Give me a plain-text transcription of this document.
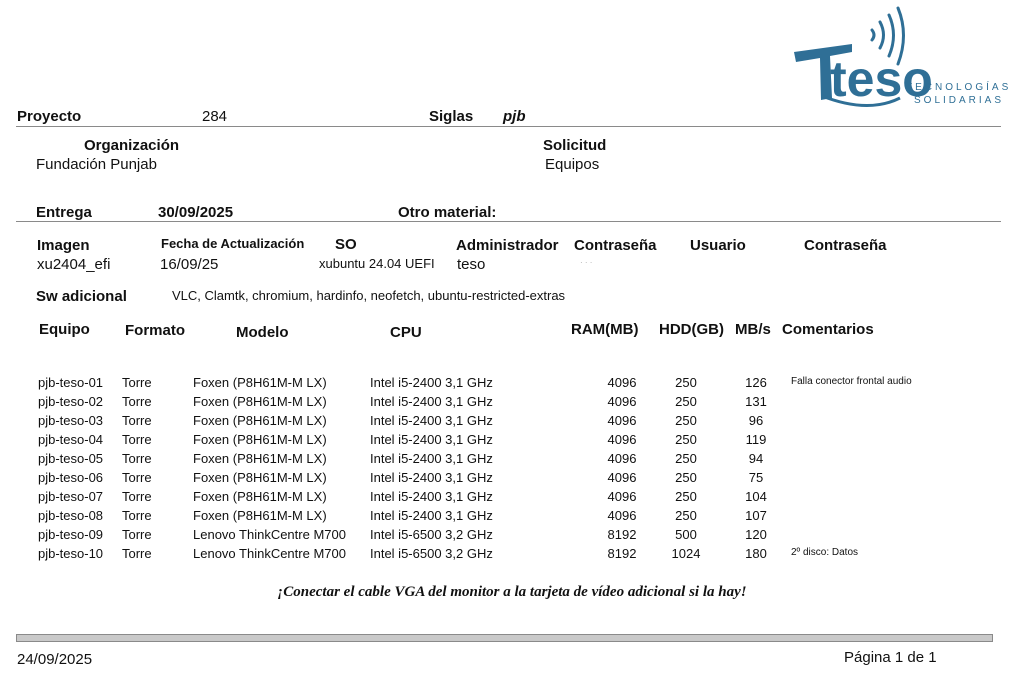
teso
TECNOLOGÍAS
SOLIDARIAS
Proyecto	284	Siglas pjb
Organización
Fundación Punjab
Solicitud
Equipos
Entrega	30/09/2025	Otro material:
Imagen
xu2404_efi
Fecha de Actualización
16/09/25
SO
xubuntu 24.04 UEFI
Administrador
teso
Contraseña
· · ·
Usuario	Contraseña
Sw adicional	VLC, Clamtk, chromium, hardinfo, neofetch, ubuntu-restricted-extras
Equipo Formato	Modelo	CPU	RAM(MB) HDD(GB) MB/s Comentarios
pjb-teso-01 Torre	Foxen (P8H61M-M LX)	Intel i5-2400 3,1 GHz	4096	250	126	Falla conector frontal audio
pjb-teso-02 Torre	Foxen (P8H61M-M LX)	Intel i5-2400 3,1 GHz	4096	250	131
pjb-teso-03 Torre	Foxen (P8H61M-M LX)	Intel i5-2400 3,1 GHz	4096	250	96
pjb-teso-04 Torre	Foxen (P8H61M-M LX)	Intel i5-2400 3,1 GHz	4096	250	119
pjb-teso-05 Torre	Foxen (P8H61M-M LX)	Intel i5-2400 3,1 GHz	4096	250	94
pjb-teso-06 Torre	Foxen (P8H61M-M LX)	Intel i5-2400 3,1 GHz	4096	250	75
pjb-teso-07 Torre	Foxen (P8H61M-M LX)	Intel i5-2400 3,1 GHz	4096	250	104
pjb-teso-08 Torre	Foxen (P8H61M-M LX)	Intel i5-2400 3,1 GHz	4096	250	107
pjb-teso-09 Torre	Lenovo ThinkCentre M700 Intel i5-6500 3,2 GHz	8192	500	120
pjb-teso-10 Torre	Lenovo ThinkCentre M700 Intel i5-6500 3,2 GHz	8192	1024	180	2º disco: Datos
¡Conectar el cable VGA del monitor a la tarjeta de vídeo adicional si la hay!
24/09/2025	Página 1 de 1
